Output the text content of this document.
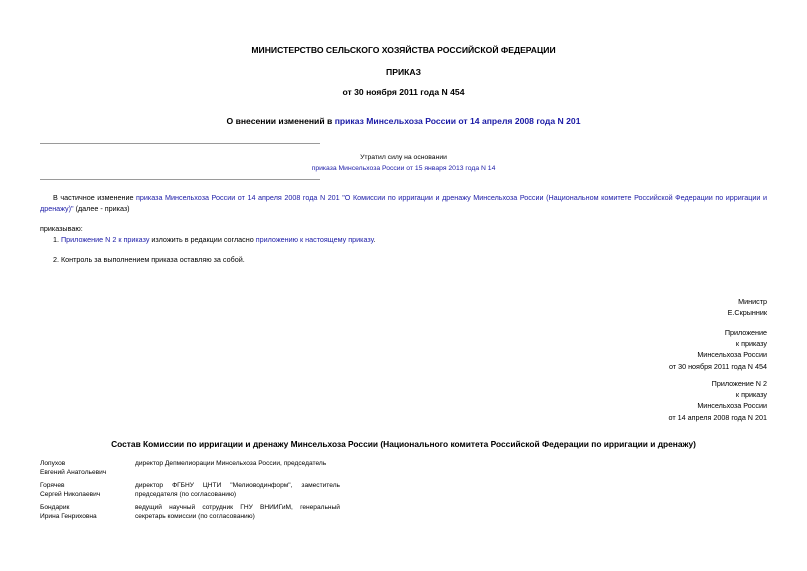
МИНИСТЕРСТВО СЕЛЬСКОГО ХОЗЯЙСТВА РОССИЙСКОЙ ФЕДЕРАЦИИ
ПРИКАЗ
от 30 ноября 2011 года N 454
О внесении изменений в приказ Минсельхоза России от 14 апреля 2008 года N 201
Утратил силу на основании
приказа Минсельхоза России от 15 января 2013 года N 14
В частичное изменение приказа Минсельхоза России от 14 апреля 2008 года N 201 "О Комиссии по ирригации и дренажу Минсельхоза России (Национальном комитете Российской Федерации по ирригации и дренажу)" (далее - приказ)
приказываю:
1. Приложение N 2 к приказу изложить в редакции согласно приложению к настоящему приказу.
2. Контроль за выполнением приказа оставляю за собой.
Министр
Е.Скрынник
Приложение
к приказу
Минсельхоза России
от 30 ноября 2011 года N 454
Приложение N 2
к приказу
Минсельхоза России
от 14 апреля 2008 года N 201
Состав Комиссии по ирригации и дренажу Минсельхоза России (Национального комитета Российской Федерации по ирригации и дренажу)
Лопухов
Евгений Анатольевич	директор Депмелиорации Минсельхоза России, председатель

Горячев
Сергей Николаевич	директор ФГБНУ ЦНТИ "Мелиоводинформ", заместитель председателя (по согласованию)

Бондарик
Ирина Генриховна	ведущий научный сотрудник ГНУ ВНИИГиМ, генеральный секретарь комиссии (по согласованию)
